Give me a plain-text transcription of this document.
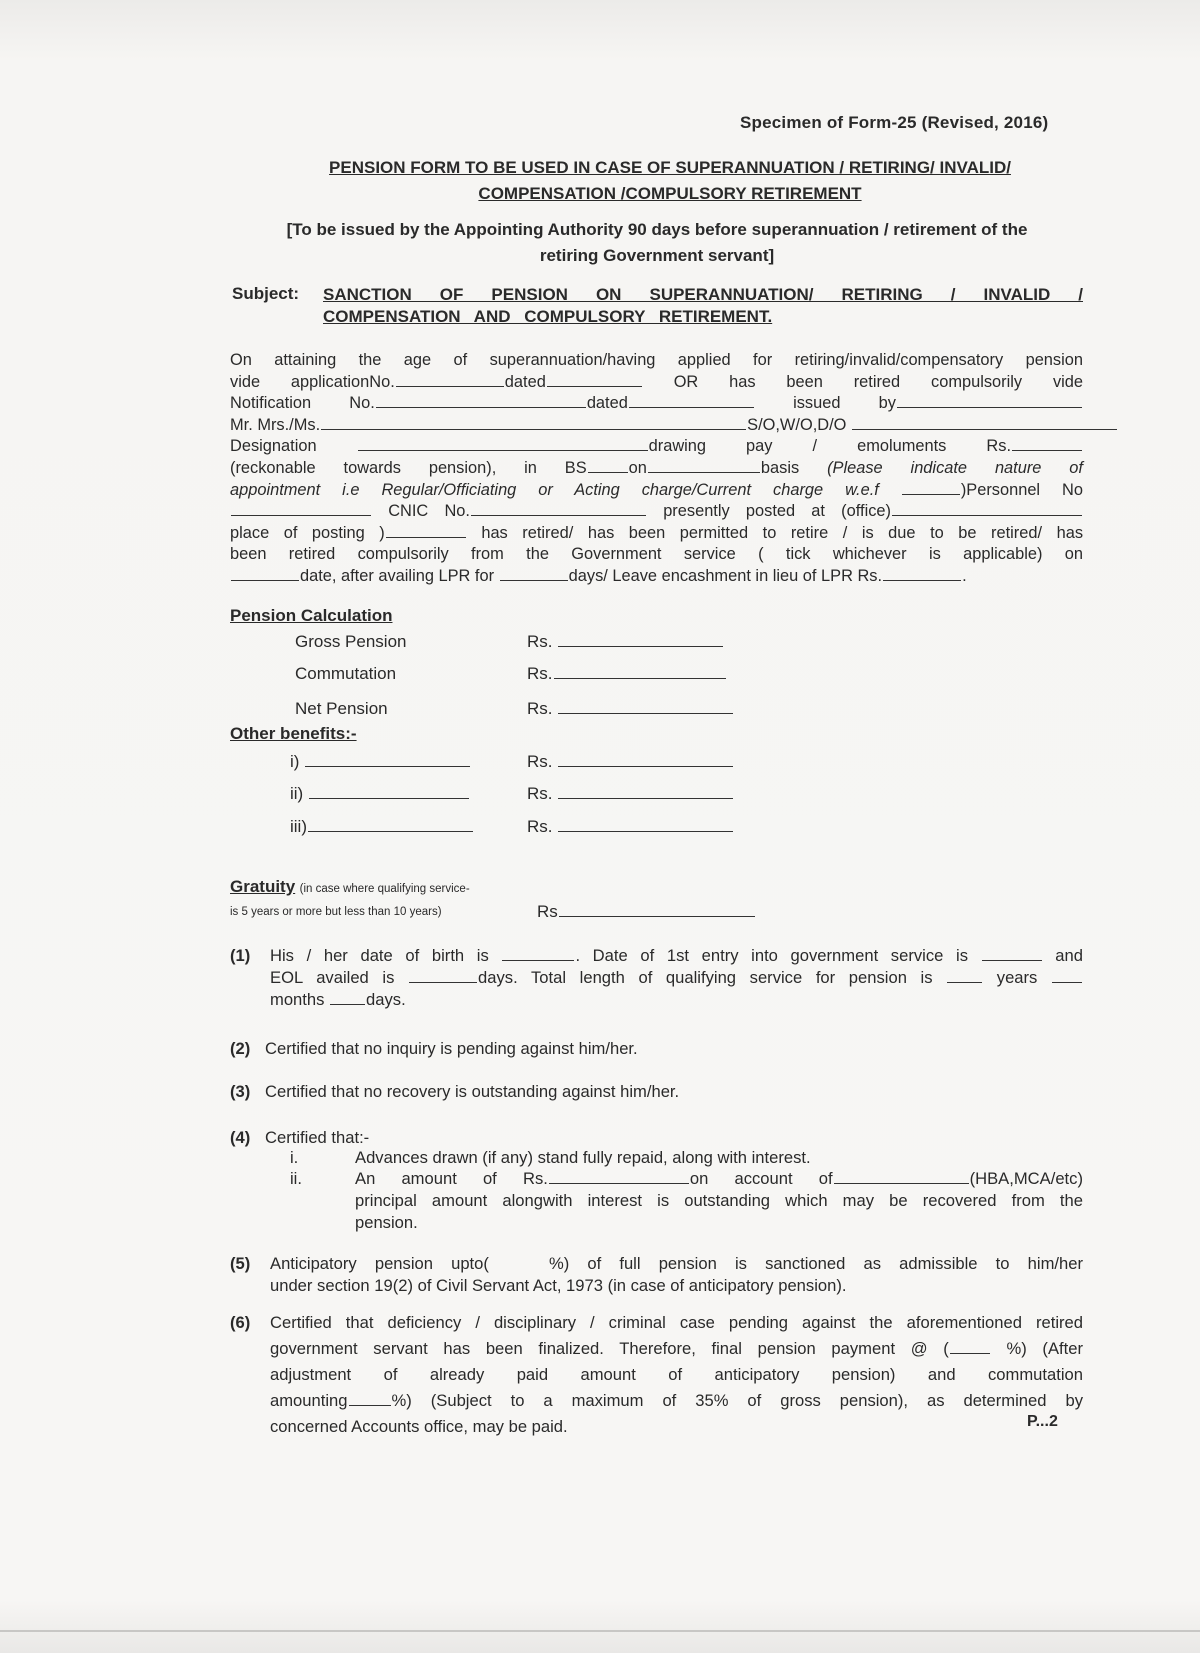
Specimen of Form-25 (Revised, 2016)
PENSION FORM TO BE USED IN CASE OF SUPERANNUATION / RETIRING/ INVALID/
COMPENSATION /COMPULSORY RETIREMENT
[To be issued by the Appointing Authority 90 days before superannuation / retirement of the
retiring Government servant]
Subject: SANCTION OF PENSION ON SUPERANNUATION/ RETIRING / INVALID / COMPENSATION AND COMPULSORY RETIREMENT.
On attaining the age of superannuation/having applied for retiring/invalid/compensatory pension
vide applicationNo.	dated	OR has been retired compulsorily vide
Notification No.	dated	issued by
Mr. Mrs./Ms.	S/O,W/O,D/O
Designation	drawing pay / emoluments Rs.
(reckonable towards pension), in BS	on	basis (Please indicate nature of
appointment i.e Regular/Officiating or Acting charge/Current charge w.e.f	)Personnel No
CNIC No.	presently posted at (office)
place of posting )	has retired/ has been permitted to retire / is due to be retired/ has
been retired compulsorily from the Government service ( tick whichever is applicable) on
date, after availing LPR for	days/ Leave encashment in lieu of LPR Rs.	.
Pension Calculation
Gross Pension	Rs.
Commutation	Rs.
Net Pension	Rs.
Other benefits:-
i)	Rs.
ii)	Rs.
iii)	Rs.
Gratuity (in case where qualifying service-
is 5 years or more but less than 10 years)	Rs
(1) His / her date of birth is	. Date of 1st entry into government service is	and
EOL availed is	days. Total length of qualifying service for pension is	years
months	days.
(2) Certified that no inquiry is pending against him/her.
(3) Certified that no recovery is outstanding against him/her.
(4) Certified that:-
i.	Advances drawn (if any) stand fully repaid, along with interest.
ii.	An amount of Rs.	on account of	(HBA,MCA/etc)
principal amount alongwith interest is outstanding which may be recovered from the
pension.
(5) Anticipatory pension upto(	%) of full pension is sanctioned as admissible to him/her
under section 19(2) of Civil Servant Act, 1973 (in case of anticipatory pension).
(6) Certified that deficiency / disciplinary / criminal case pending against the aforementioned retired
government servant has been finalized. Therefore, final pension payment @ (	%) (After
adjustment of already paid amount of anticipatory pension) and commutation
amounting	%) (Subject to a maximum of 35% of gross pension), as determined by
concerned Accounts office, may be paid.	P...2
